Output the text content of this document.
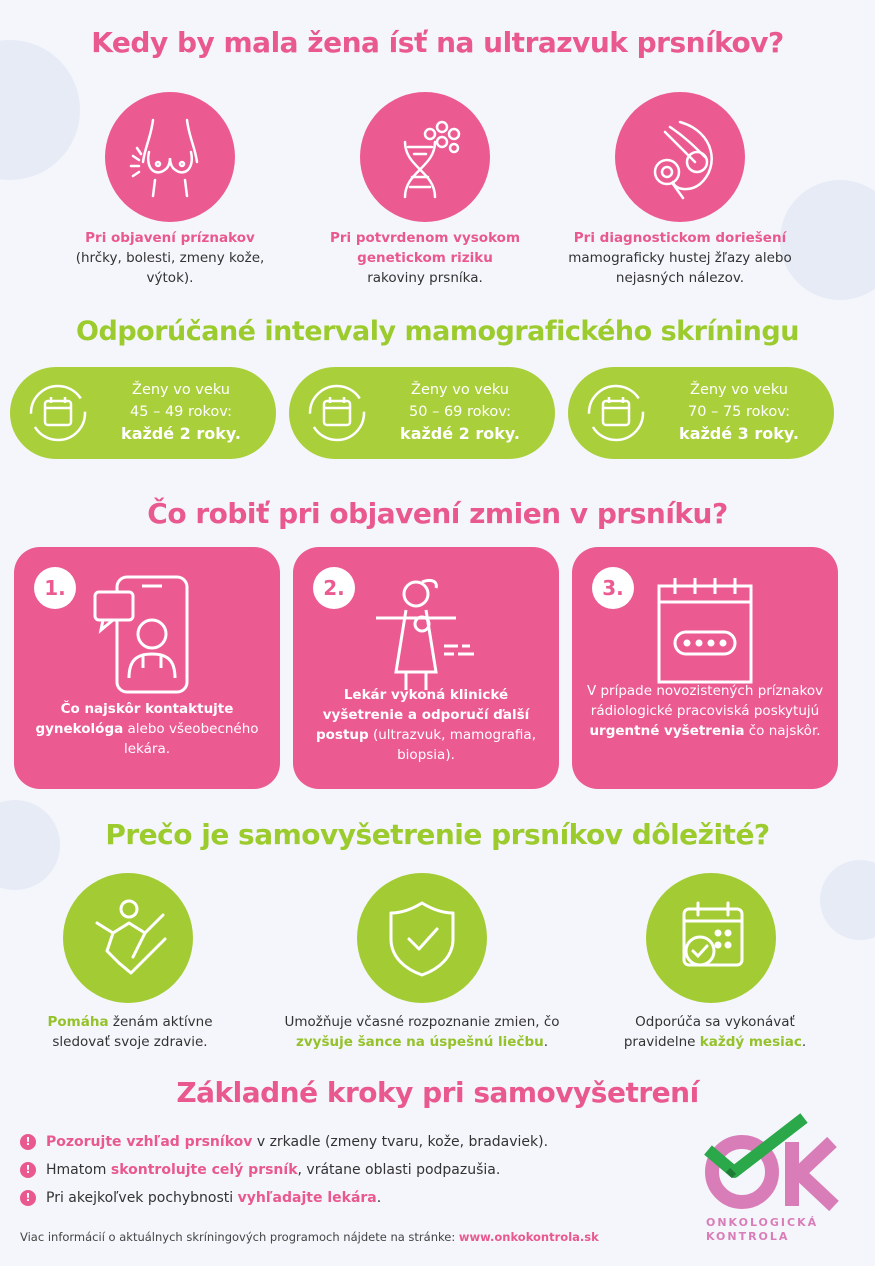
Kedy by mala žena ísť na ultrazvuk prsníkov?
Pri objavení príznakov
(hrčky, bolesti, zmeny kože, výtok).
Pri potvrdenom vysokom genetickom riziku
rakoviny prsníka.
Pri diagnostickom doriešení
mamograficky hustej žľazy alebo nejasných nálezov.
Odporúčané intervaly mamografického skríningu
Ženy vo veku
45 – 49 rokov:
každé 2 roky.
Ženy vo veku
50 – 69 rokov:
každé 2 roky.
Ženy vo veku
70 – 75 rokov:
každé 3 roky.
Čo robiť pri objavení zmien v prsníku?
1.
Čo najskôr kontaktujte
gynekológa alebo všeobecného lekára.
2.
Lekár vykoná klinické vyšetrenie a odporučí ďalší postup (ultrazvuk, mamografia, biopsia).
3.
V prípade novozistených príznakov rádiologické pracoviská poskytujú urgentné vyšetrenia čo najskôr.
Prečo je samovyšetrenie prsníkov dôležité?
Pomáha ženám aktívne sledovať svoje zdravie.
Umožňuje včasné rozpoznanie zmien, čo zvyšuje šance na úspešnú liečbu.
Odporúča sa vykonávať pravidelne každý mesiac.
Základné kroky pri samovyšetrení
!	Pozorujte vzhľad prsníkov v zrkadle (zmeny tvaru, kože, bradaviek).
!	Hmatom skontrolujte celý prsník, vrátane oblasti podpazušia.
!	Pri akejkoľvek pochybnosti vyhľadajte lekára.
Viac informácií o aktuálnych skríningových programoch nájdete na stránke: www.onkokontrola.sk
ONKOLOGICKÁ
KONTROLA
